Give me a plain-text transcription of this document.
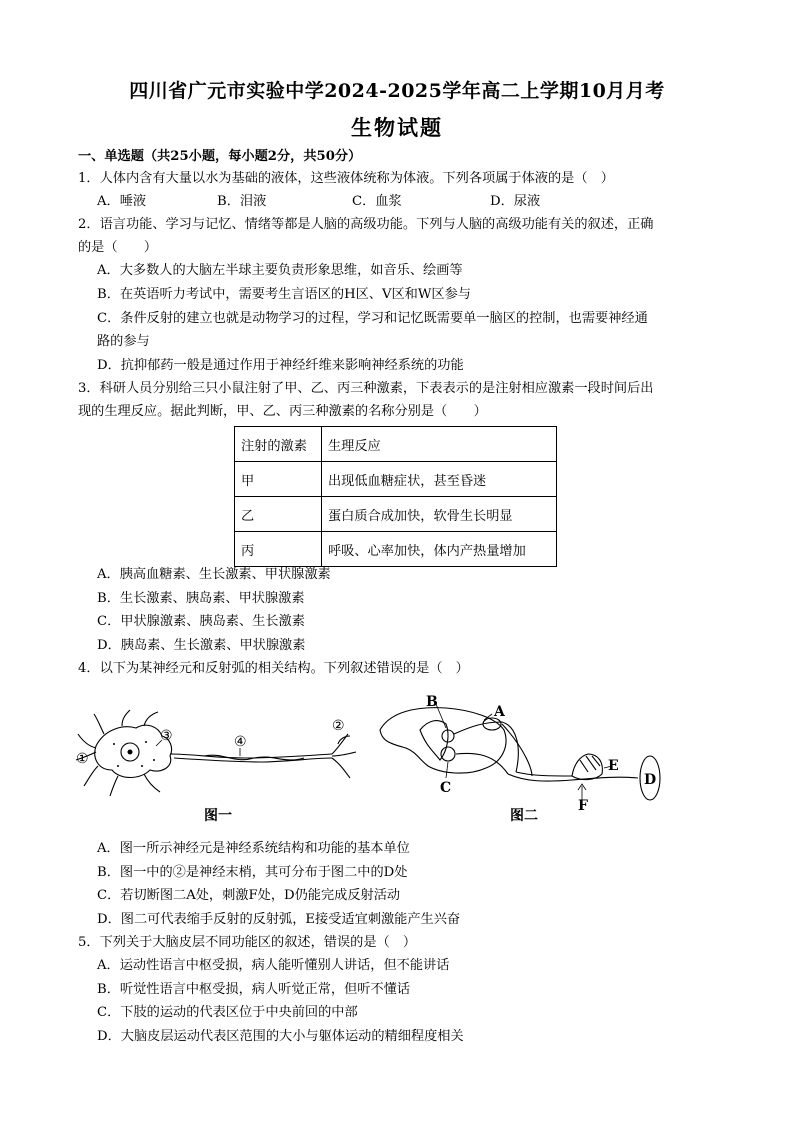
四川省广元市实验中学2024-2025学年高二上学期10月月考
生物试题
一、单选题（共25小题，每小题2分，共50分）
1．人体内含有大量以水为基础的液体，这些液体统称为体液。下列各项属于体液的是（　）
A．唾液	B．泪液	C．血浆	D．尿液
2．语言功能、学习与记忆、情绪等都是人脑的高级功能。下列与人脑的高级功能有关的叙述，正确
的是（　　）
A．大多数人的大脑左半球主要负责形象思维，如音乐、绘画等
B．在英语听力考试中，需要考生言语区的H区、V区和W区参与
C．条件反射的建立也就是动物学习的过程，学习和记忆既需要单一脑区的控制，也需要神经通
路的参与
D．抗抑郁药一般是通过作用于神经纤维来影响神经系统的功能
3．科研人员分别给三只小鼠注射了甲、乙、丙三种激素，下表表示的是注射相应激素一段时间后出
现的生理反应。据此判断，甲、乙、丙三种激素的名称分别是（　　）
注射的激素	生理反应
甲	出现低血糖症状，甚至昏迷
乙	蛋白质合成加快，软骨生长明显
丙	呼吸、心率加快，体内产热量增加
A．胰高血糖素、生长激素、甲状腺激素
B．生长激素、胰岛素、甲状腺激素
C．甲状腺激素、胰岛素、生长激素
D．胰岛素、生长激素、甲状腺激素
4．以下为某神经元和反射弧的相关结构。下列叙述错误的是（　）
①
②
③	④
图一
B
A
C	D
E
F
图二
A．图一所示神经元是神经系统结构和功能的基本单位
B．图一中的②是神经末梢，其可分布于图二中的D处
C．若切断图二A处，刺激F处，D仍能完成反射活动
D．图二可代表缩手反射的反射弧，E接受适宜刺激能产生兴奋
5．下列关于大脑皮层不同功能区的叙述，错误的是（　）
A．运动性语言中枢受损，病人能听懂别人讲话，但不能讲话
B．听觉性语言中枢受损，病人听觉正常，但听不懂话
C．下肢的运动的代表区位于中央前回的中部
D．大脑皮层运动代表区范围的大小与躯体运动的精细程度相关
